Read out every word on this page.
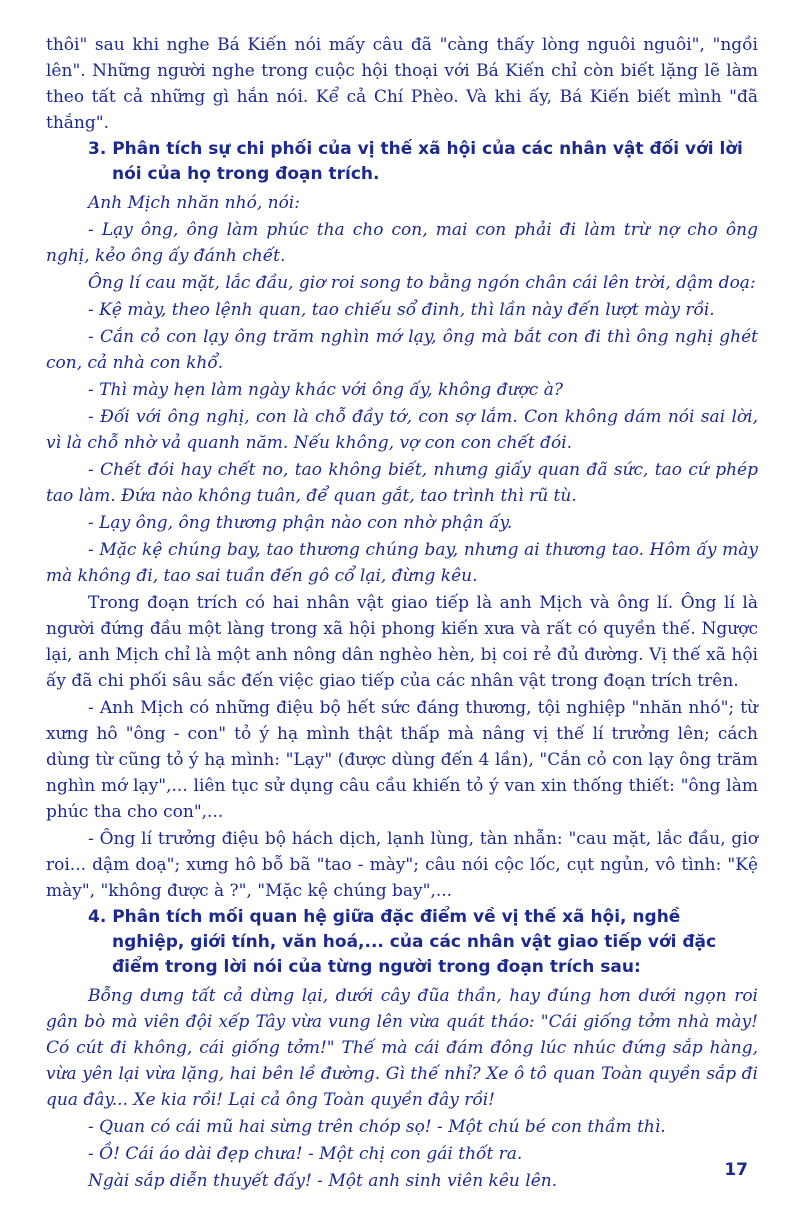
thôi" sau khi nghe Bá Kiến nói mấy câu đã "càng thấy lòng nguôi nguôi", "ngồi lên". Những người nghe trong cuộc hội thoại với Bá Kiến chỉ còn biết lặng lẽ làm theo tất cả những gì hắn nói. Kể cả Chí Phèo. Và khi ấy, Bá Kiến biết mình "đã thắng".

3. Phân tích sự chi phối của vị thế xã hội của các nhân vật đối với lời nói của họ trong đoạn trích.

Anh Mịch nhăn nhó, nói:

- Lạy ông, ông làm phúc tha cho con, mai con phải đi làm trừ nợ cho ông nghị, kẻo ông ấy đánh chết.

Ông lí cau mặt, lắc đầu, giơ roi song to bằng ngón chân cái lên trời, dậm doạ:

- Kệ mày, theo lệnh quan, tao chiếu sổ đinh, thì lần này đến lượt mày rồi.

- Cắn cỏ con lạy ông trăm nghìn mớ lạy, ông mà bắt con đi thì ông nghị ghét con, cả nhà con khổ.

- Thì mày hẹn làm ngày khác với ông ấy, không được à?

- Đối với ông nghị, con là chỗ đầy tớ, con sợ lắm. Con không dám nói sai lời, vì là chỗ nhờ vả quanh năm. Nếu không, vợ con con chết đói.

- Chết đói hay chết no, tao không biết, nhưng giấy quan đã sức, tao cứ phép tao làm. Đứa nào không tuân, để quan gắt, tao trình thì rũ tù.

- Lạy ông, ông thương phận nào con nhờ phận ấy.

- Mặc kệ chúng bay, tao thương chúng bay, nhưng ai thương tao. Hôm ấy mày mà không đi, tao sai tuần đến gô cổ lại, đừng kêu.

Trong đoạn trích có hai nhân vật giao tiếp là anh Mịch và ông lí. Ông lí là người đứng đầu một làng trong xã hội phong kiến xưa và rất có quyền thế. Ngược lại, anh Mịch chỉ là một anh nông dân nghèo hèn, bị coi rẻ đủ đường. Vị thế xã hội ấy đã chi phối sâu sắc đến việc giao tiếp của các nhân vật trong đoạn trích trên.

- Anh Mịch có những điệu bộ hết sức đáng thương, tội nghiệp "nhăn nhó"; từ xưng hô "ông - con" tỏ ý hạ mình thật thấp mà nâng vị thế lí trưởng lên; cách dùng từ cũng tỏ ý hạ mình: "Lạy" (được dùng đến 4 lần), "Cắn cỏ con lạy ông trăm nghìn mớ lạy",... liên tục sử dụng câu cầu khiến tỏ ý van xin thống thiết: "ông làm phúc tha cho con",...

- Ông lí trưởng điệu bộ hách dịch, lạnh lùng, tàn nhẫn: "cau mặt, lắc đầu, giơ roi... dậm doạ"; xưng hô bỗ bã "tao - mày"; câu nói cộc lốc, cụt ngủn, vô tình: "Kệ mày", "không được à ?", "Mặc kệ chúng bay",...

4. Phân tích mối quan hệ giữa đặc điểm về vị thế xã hội, nghề nghiệp, giới tính, văn hoá,... của các nhân vật giao tiếp với đặc điểm trong lời nói của từng người trong đoạn trích sau:

Bỗng dưng tất cả dừng lại, dưới cây đũa thần, hay đúng hơn dưới ngọn roi gân bò mà viên đội xếp Tây vừa vung lên vừa quát tháo: "Cái giống tởm nhà mày! Có cút đi không, cái giống tởm!" Thế mà cái đám đông lúc nhúc đứng sắp hàng, vừa yên lại vừa lặng, hai bên lề đường. Gì thế nhỉ? Xe ô tô quan Toàn quyền sắp đi qua đây... Xe kia rồi! Lại cả ông Toàn quyền đây rồi!

- Quan có cái mũ hai sừng trên chóp sọ! - Một chú bé con thầm thì.

- Ồ! Cái áo dài đẹp chưa! - Một chị con gái thốt ra.

Ngài sắp diễn thuyết đấy! - Một anh sinh viên kêu lên.

17
